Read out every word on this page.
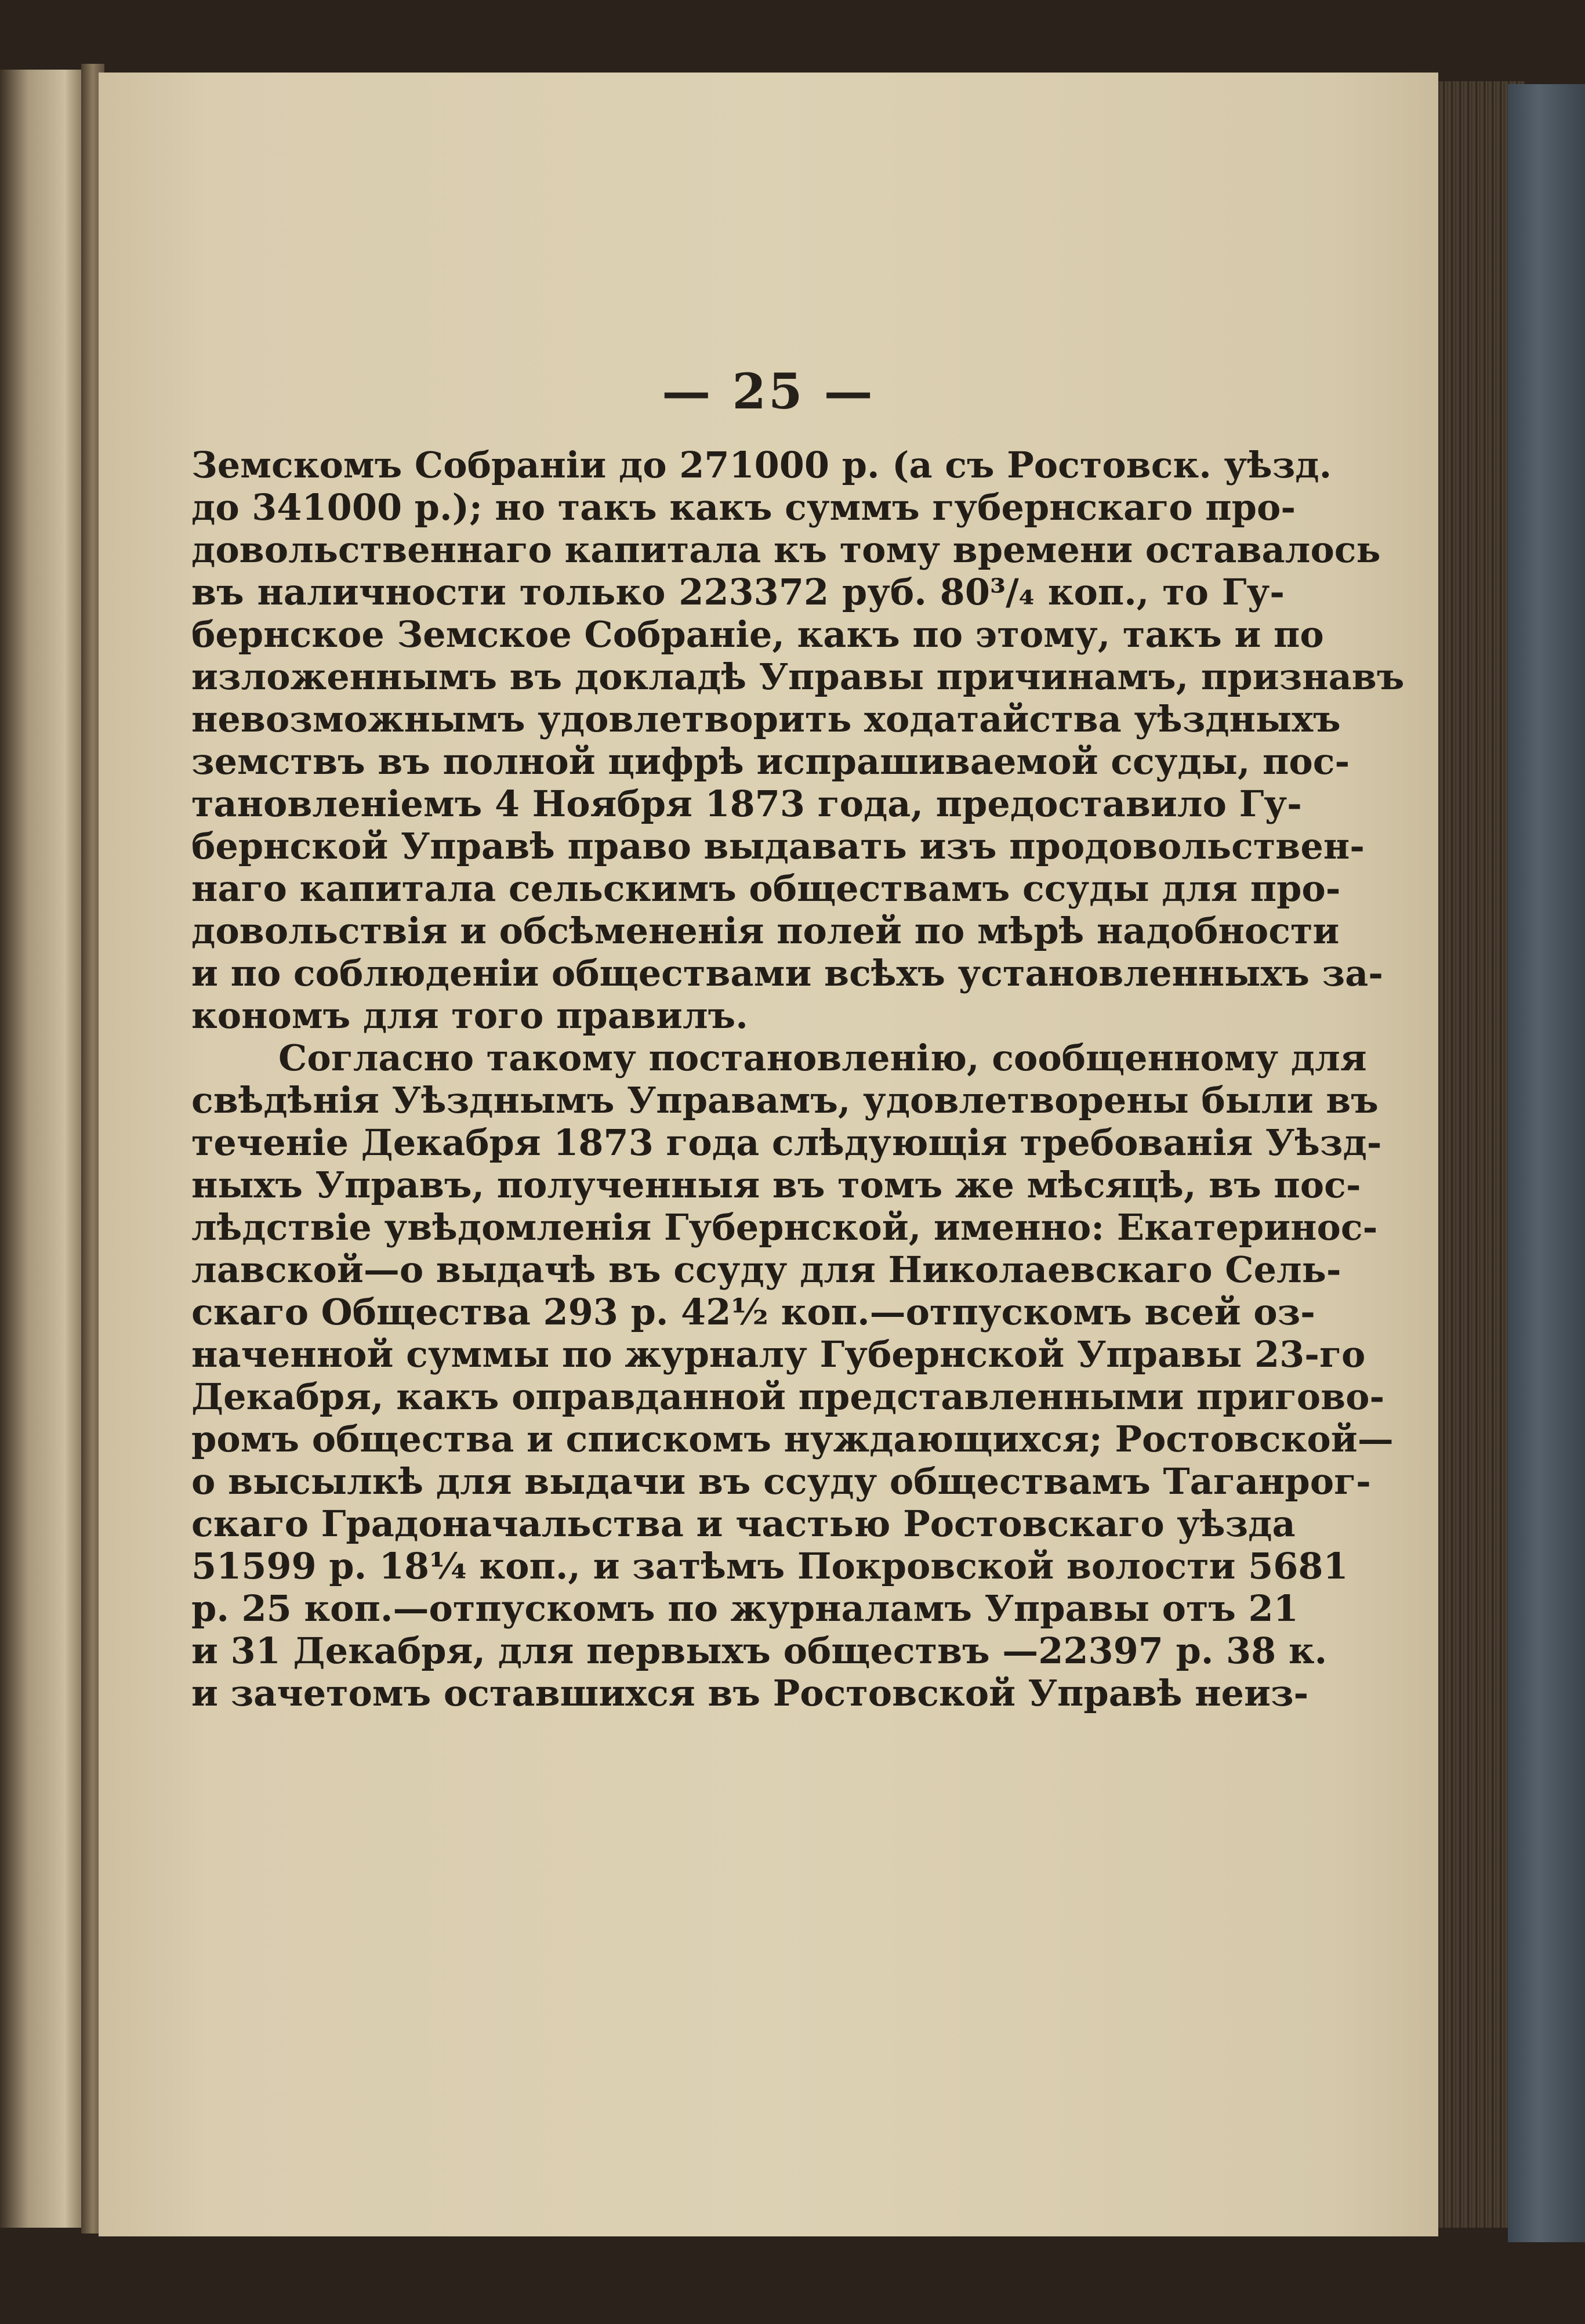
— 25 —
Земскомъ Собранiи до 271000 р. (а съ Ростовск. уѣзд.
до 341000 р.); но такъ какъ суммъ губернскаго про-
довольственнаго капитала къ тому времени оставалось
въ наличности только 223372 руб. 80³/₄ коп., то Гу-
бернское Земское Собранiе, какъ по этому, такъ и по
изложеннымъ въ докладѣ Управы причинамъ, признавъ
невозможнымъ удовлетворить ходатайства уѣздныхъ
земствъ въ полной цифрѣ испрашиваемой ссуды, пос-
тановленiемъ 4 Ноября 1873 года, предоставило Гу-
бернской Управѣ право выдавать изъ продовольствен-
наго капитала сельскимъ обществамъ ссуды для про-
довольствiя и обсѣмененiя полей по мѣрѣ надобности
и по соблюденiи обществами всѣхъ установленныхъ за-
кономъ для того правилъ.
Согласно такому постановленiю, сообщенному для
свѣдѣнiя Уѣзднымъ Управамъ, удовлетворены были въ
теченiе Декабря 1873 года слѣдующiя требованiя Уѣзд-
ныхъ Управъ, полученныя въ томъ же мѣсяцѣ, въ пос-
лѣдствiе увѣдомленiя Губернской, именно: Екатеринос-
лавской—о выдачѣ въ ссуду для Николаевскаго Сель-
скаго Общества 293 р. 42½ коп.—отпускомъ всей оз-
наченной суммы по журналу Губернской Управы 23-го
Декабря, какъ оправданной представленными пригово-
ромъ общества и спискомъ нуждающихся; Ростовской—
о высылкѣ для выдачи въ ссуду обществамъ Таганрог-
скаго Градоначальства и частью Ростовскаго уѣзда
51599 р. 18¼ коп., и затѣмъ Покровской волости 5681
р. 25 коп.—отпускомъ по журналамъ Управы отъ 21
и 31 Декабря, для первыхъ обществъ —22397 р. 38 к.
и зачетомъ оставшихся въ Ростовской Управѣ неиз-
